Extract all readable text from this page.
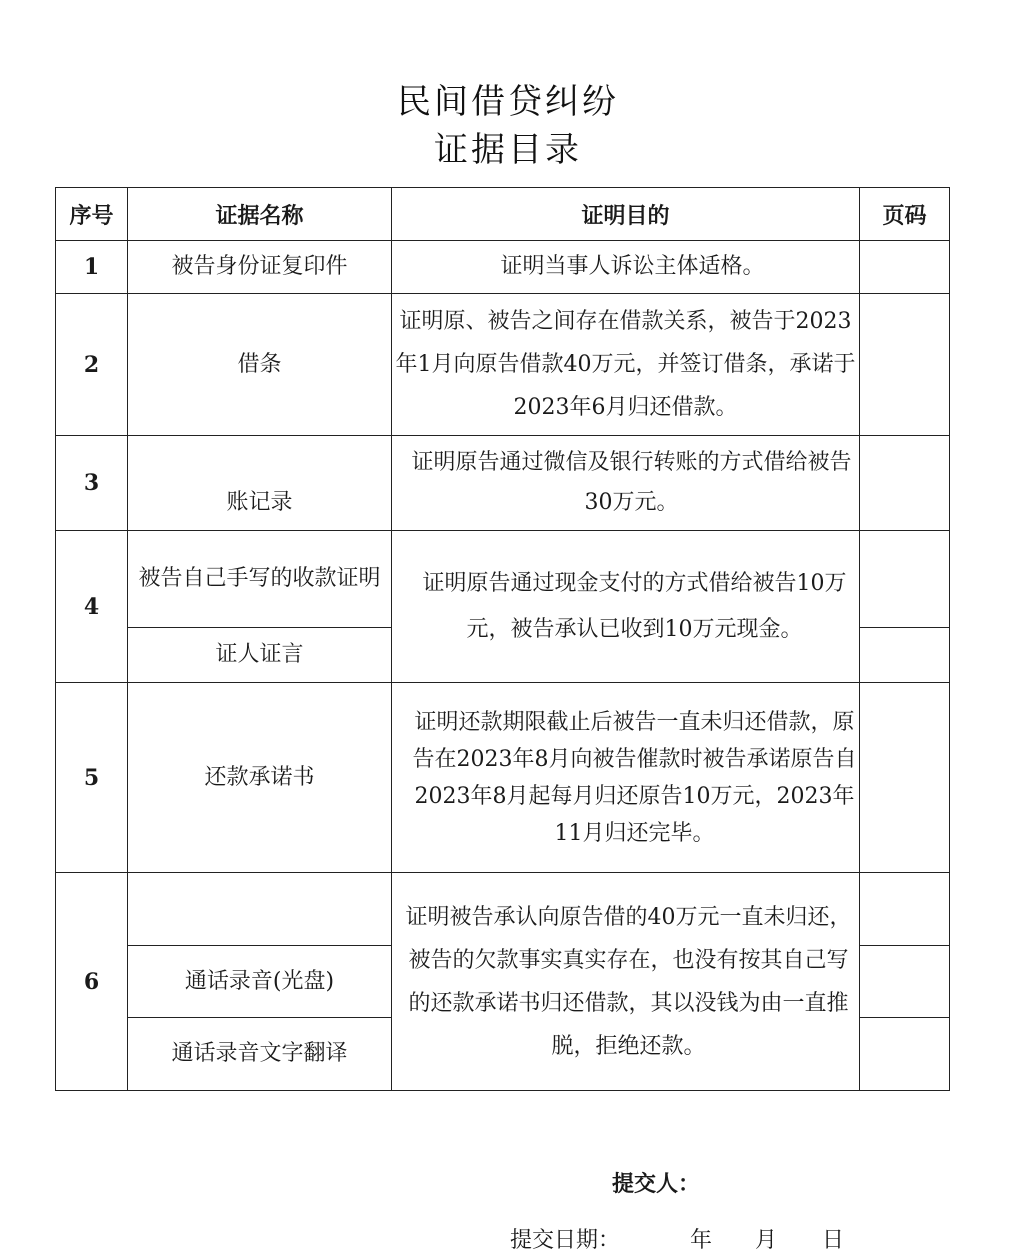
民间借贷纠纷
证据目录
序号	证据名称	证明目的	页码
1	被告身份证复印件	证明当事人诉讼主体适格。	
2	借条	证明原、被告之间存在借款关系，被告于2023年1月向原告借款40万元，并签订借条，承诺于2023年6月归还借款。	
3	账记录	证明原告通过微信及银行转账的方式借给被告30万元。	
4	被告自己手写的收款证明	证明原告通过现金支付的方式借给被告10万元，被告承认已收到10万元现金。	
	证人证言		
5	还款承诺书	证明还款期限截止后被告一直未归还借款，原告在2023年8月向被告催款时被告承诺原告自2023年8月起每月归还原告10万元，2023年11月归还完毕。	
6		证明被告承认向原告借的40万元一直未归还，被告的欠款事实真实存在，也没有按其自己写的还款承诺书归还借款，其以没钱为由一直推脱，拒绝还款。	
	通话录音(光盘)		
	通话录音文字翻译		
提交人：
提交日期：	年 月 日
